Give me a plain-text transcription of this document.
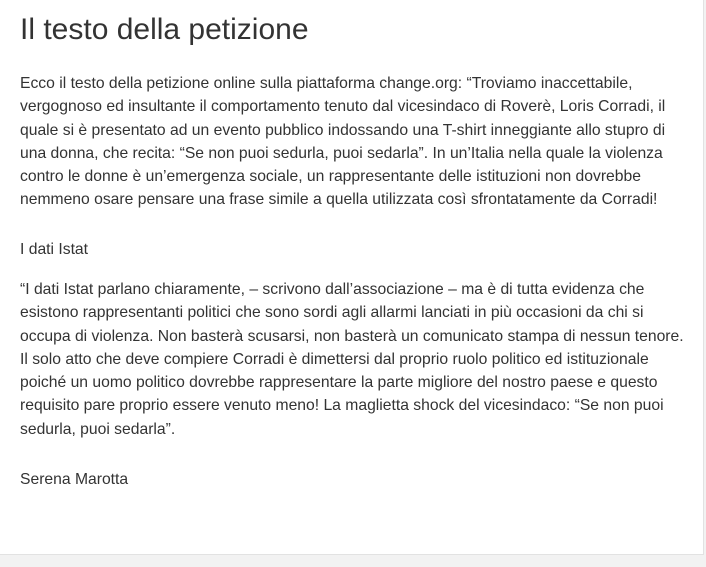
Il testo della petizione

Ecco il testo della petizione online sulla piattaforma change.org: “Troviamo inaccettabile, vergognoso ed insultante il comportamento tenuto dal vicesindaco di Roverè, Loris Corradi, il quale si è presentato ad un evento pubblico indossando una T-shirt inneggiante allo stupro di una donna, che recita: “Se non puoi sedurla, puoi sedarla”. In un’Italia nella quale la violenza contro le donne è un’emergenza sociale, un rappresentante delle istituzioni non dovrebbe nemmeno osare pensare una frase simile a quella utilizzata così sfrontatamente da Corradi!

I dati Istat

“I dati Istat parlano chiaramente, – scrivono dall’associazione – ma è di tutta evidenza che esistono rappresentanti politici che sono sordi agli allarmi lanciati in più occasioni da chi si occupa di violenza. Non basterà scusarsi, non basterà un comunicato stampa di nessun tenore. Il solo atto che deve compiere Corradi è dimettersi dal proprio ruolo politico ed istituzionale poiché un uomo politico dovrebbe rappresentare la parte migliore del nostro paese e questo requisito pare proprio essere venuto meno! La maglietta shock del vicesindaco: “Se non puoi sedurla, puoi sedarla”.

Serena Marotta
